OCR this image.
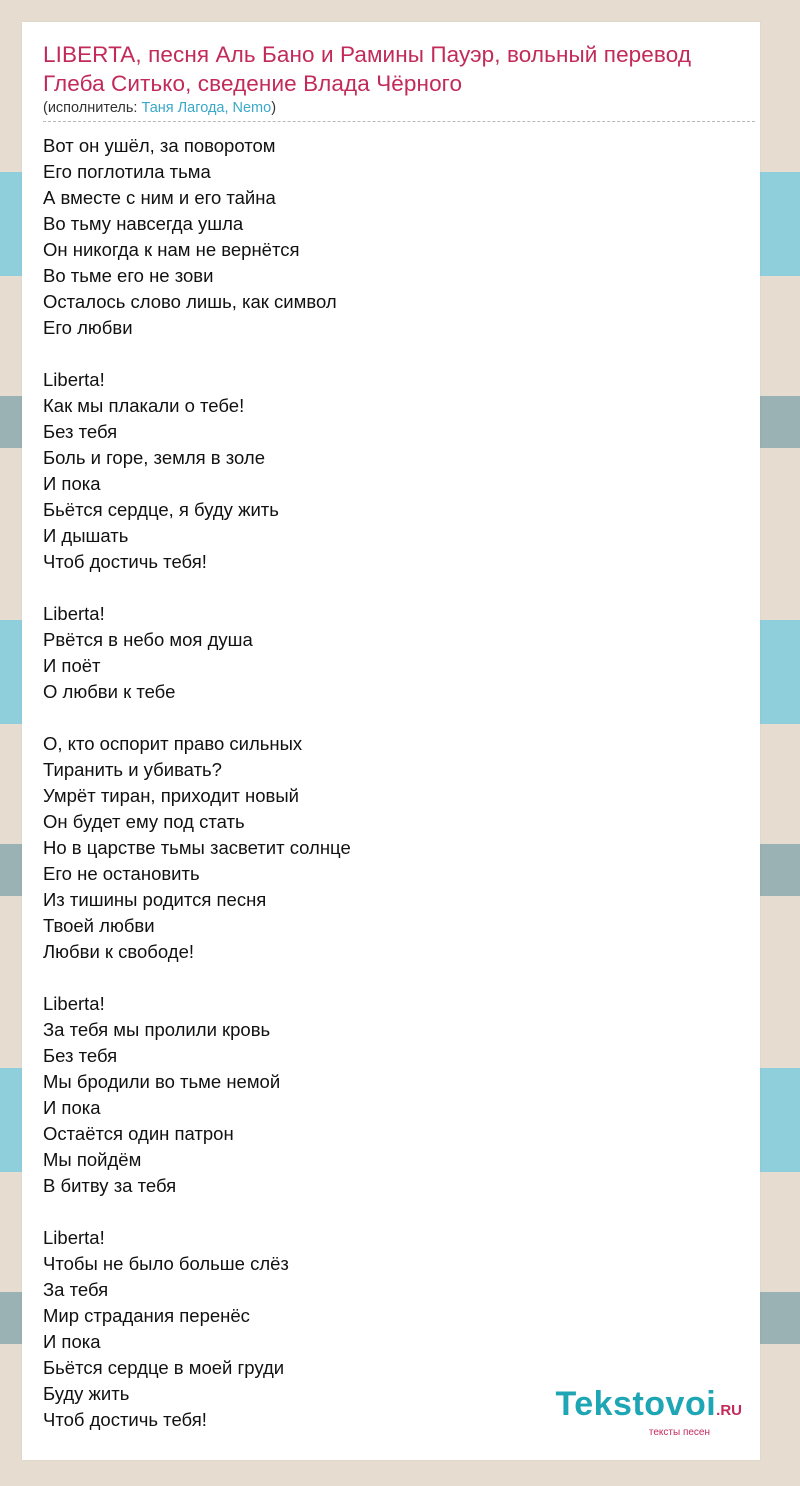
LIBERTA, песня Аль Бано и Рамины Пауэр, вольный перевод Глеба Ситько, сведение Влада Чёрного
(исполнитель: Таня Лагода, Nemo)
Вот он ушёл, за поворотом
Его поглотила тьма
А вместе с ним и его тайна
Во тьму навсегда ушла
Он никогда к нам не вернётся
Во тьме его не зови
Осталось слово лишь, как символ
Его любви
Liberta!
Как мы плакали о тебе!
Без тебя
Боль и горе, земля в золе
И пока
Бьётся сердце, я буду жить
И дышать
Чтоб достичь тебя!
Liberta!
Рвётся в небо моя душа
И поёт
О любви к тебе
О, кто оспорит право сильных
Тиранить и убивать?
Умрёт тиран, приходит новый
Он будет ему под стать
Но в царстве тьмы засветит солнце
Его не остановить
Из тишины родится песня
Твоей любви
Любви к свободе!
Liberta!
За тебя мы пролили кровь
Без тебя
Мы бродили во тьме немой
И пока
Остаётся один патрон
Мы пойдём
В битву за тебя
Liberta!
Чтобы не было больше слёз
За тебя
Мир страдания перенёс
И пока
Бьётся сердце в моей груди
Буду жить
Чтоб достичь тебя!	Tekstovoi.RU
тексты песен
